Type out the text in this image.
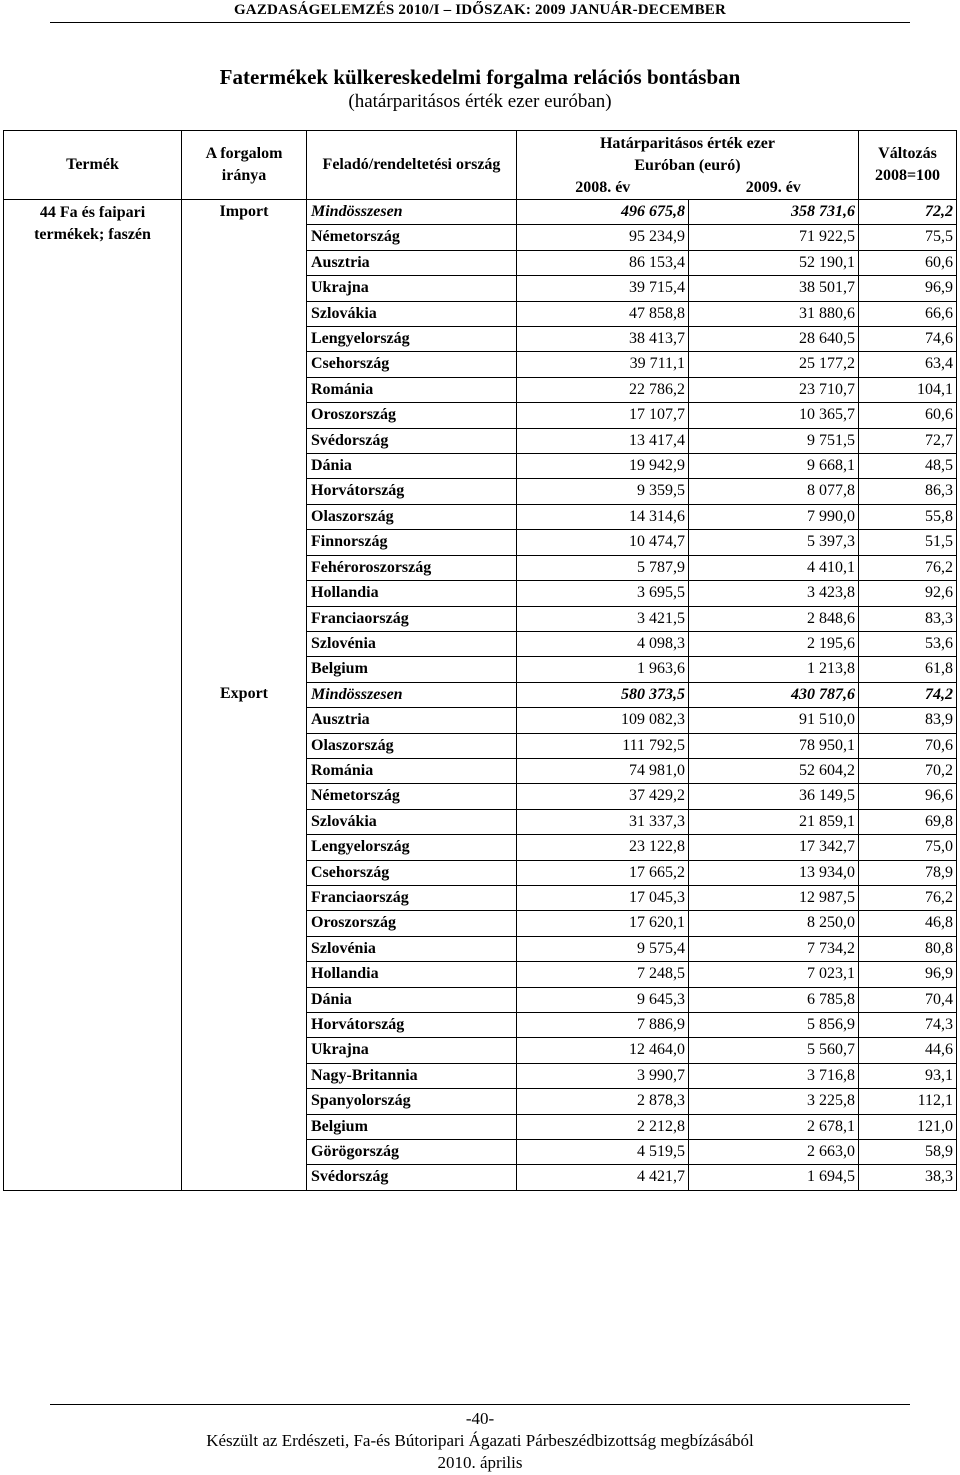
GAZDASÁGELEMZÉS 2010/I – IDŐSZAK: 2009 JANUÁR-DECEMBER
Fatermékek külkereskedelmi forgalma relációs bontásban
(határparitásos érték ezer euróban)
Termék	A forgalom iránya	Feladó/rendeltetési ország	Határparitásos érték ezer Euróban (euró)		Változás 2008=100
			2008. év	2009. év	
44 Fa és faipari termékek; faszén	Import	Mindösszesen	496 675,8	358 731,6	72,2
		Németország	95 234,9	71 922,5	75,5
		Ausztria	86 153,4	52 190,1	60,6
		Ukrajna	39 715,4	38 501,7	96,9
		Szlovákia	47 858,8	31 880,6	66,6
		Lengyelország	38 413,7	28 640,5	74,6
		Csehország	39 711,1	25 177,2	63,4
		Románia	22 786,2	23 710,7	104,1
		Oroszország	17 107,7	10 365,7	60,6
		Svédország	13 417,4	9 751,5	72,7
		Dánia	19 942,9	9 668,1	48,5
		Horvátország	9 359,5	8 077,8	86,3
		Olaszország	14 314,6	7 990,0	55,8
		Finnország	10 474,7	5 397,3	51,5
		Fehéroroszország	5 787,9	4 410,1	76,2
		Hollandia	3 695,5	3 423,8	92,6
		Franciaország	3 421,5	2 848,6	83,3
		Szlovénia	4 098,3	2 195,6	53,6
		Belgium	1 963,6	1 213,8	61,8
	Export	Mindösszesen	580 373,5	430 787,6	74,2
		Ausztria	109 082,3	91 510,0	83,9
		Olaszország	111 792,5	78 950,1	70,6
		Románia	74 981,0	52 604,2	70,2
		Németország	37 429,2	36 149,5	96,6
		Szlovákia	31 337,3	21 859,1	69,8
		Lengyelország	23 122,8	17 342,7	75,0
		Csehország	17 665,2	13 934,0	78,9
		Franciaország	17 045,3	12 987,5	76,2
		Oroszország	17 620,1	8 250,0	46,8
		Szlovénia	9 575,4	7 734,2	80,8
		Hollandia	7 248,5	7 023,1	96,9
		Dánia	9 645,3	6 785,8	70,4
		Horvátország	7 886,9	5 856,9	74,3
		Ukrajna	12 464,0	5 560,7	44,6
		Nagy-Britannia	3 990,7	3 716,8	93,1
		Spanyolország	2 878,3	3 225,8	112,1
		Belgium	2 212,8	2 678,1	121,0
		Görögország	4 519,5	2 663,0	58,9
		Svédország	4 421,7	1 694,5	38,3
-40-
Készült az Erdészeti, Fa-és Bútoripari Ágazati Párbeszédbizottság megbízásából
2010. április
